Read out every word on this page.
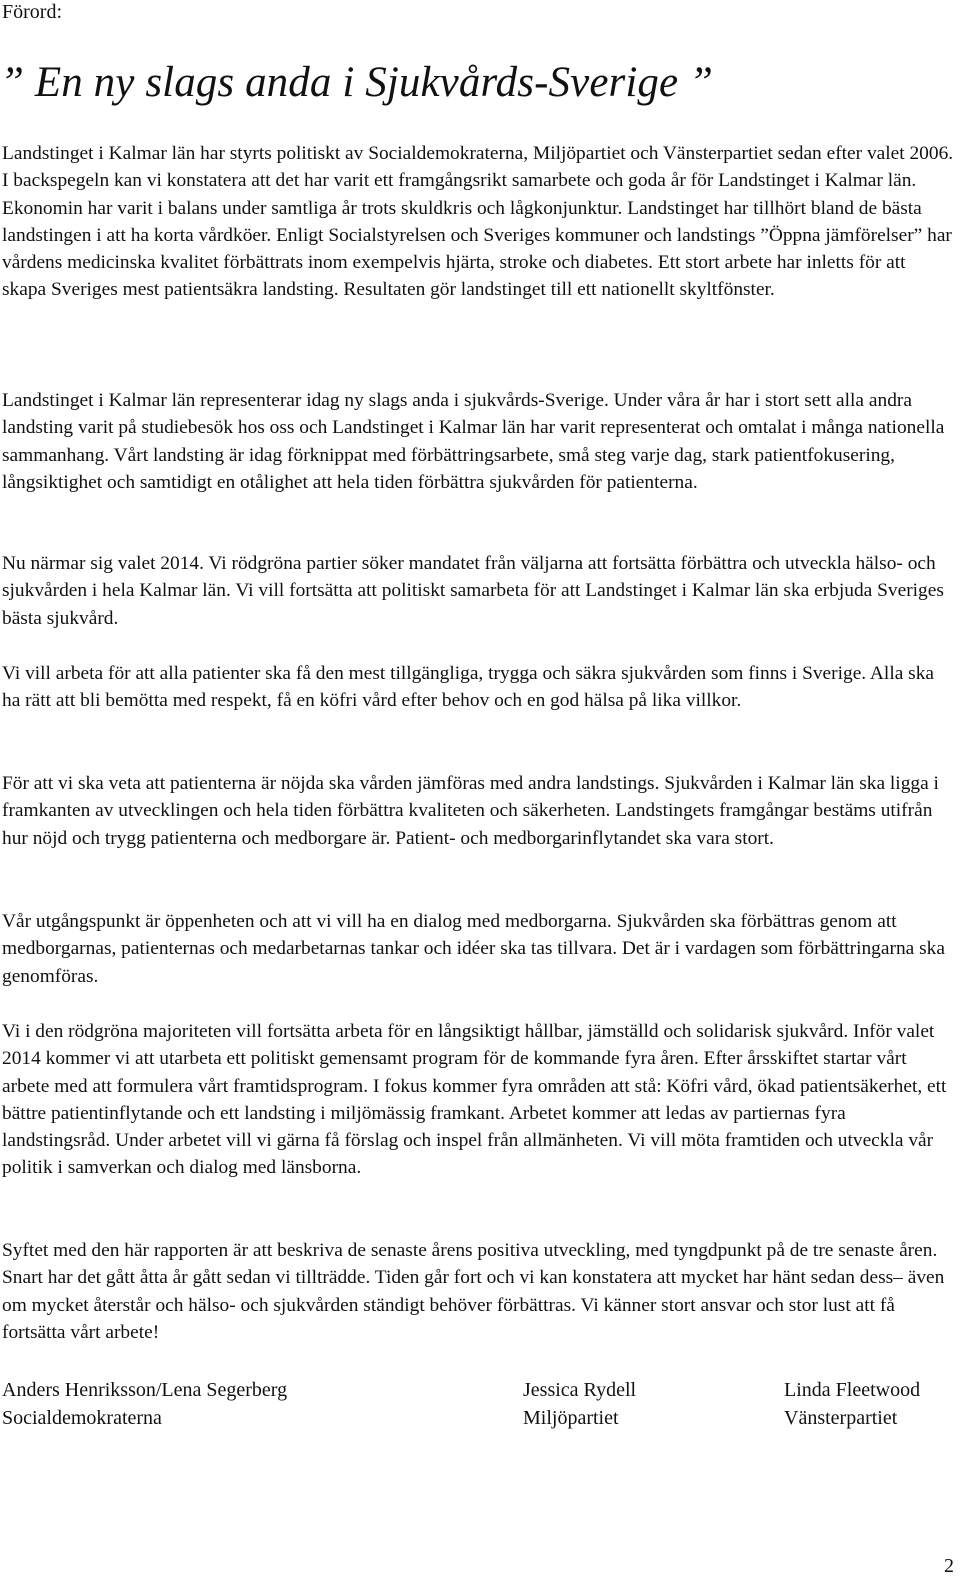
Förord:
” En ny slags anda i Sjukvårds-Sverige ”

Landstinget i Kalmar län har styrts politiskt av Socialdemokraterna, Miljöpartiet och Vänsterpartiet sedan efter valet 2006. I backspegeln kan vi konstatera att det har varit ett framgångsrikt samarbete och goda år för Landstinget i Kalmar län. Ekonomin har varit i balans under samtliga år trots skuldkris och lågkonjunktur. Landstinget har tillhört bland de bästa landstingen i att ha korta vårdköer. Enligt Socialstyrelsen och Sveriges kommuner och landstings ”Öppna jämförelser” har vårdens medicinska kvalitet förbättrats inom exempelvis hjärta, stroke och diabetes. Ett stort arbete har inletts för att skapa Sveriges mest patientsäkra landsting. Resultaten gör landstinget till ett nationellt skyltfönster.

Landstinget i Kalmar län representerar idag ny slags anda i sjukvårds-Sverige. Under våra år har i stort sett alla andra landsting varit på studiebesök hos oss och Landstinget i Kalmar län har varit representerat och omtalat i många nationella sammanhang. Vårt landsting är idag förknippat med förbättringsarbete, små steg varje dag, stark patientfokusering, långsiktighet och samtidigt en otålighet att hela tiden förbättra sjukvården för patienterna.

Nu närmar sig valet 2014. Vi rödgröna partier söker mandatet från väljarna att fortsätta förbättra och utveckla hälso- och sjukvården i hela Kalmar län. Vi vill fortsätta att politiskt samarbeta för att Landstinget i Kalmar län ska erbjuda Sveriges bästa sjukvård.

Vi vill arbeta för att alla patienter ska få den mest tillgängliga, trygga och säkra sjukvården som finns i Sverige. Alla ska ha rätt att bli bemötta med respekt, få en köfri vård efter behov och en god hälsa på lika villkor.

För att vi ska veta att patienterna är nöjda ska vården jämföras med andra landstings. Sjukvården i Kalmar län ska ligga i framkanten av utvecklingen och hela tiden förbättra kvaliteten och säkerheten. Landstingets framgångar bestäms utifrån hur nöjd och trygg patienterna och medborgare är. Patient- och medborgarinflytandet ska vara stort.

Vår utgångspunkt är öppenheten och att vi vill ha en dialog med medborgarna. Sjukvården ska förbättras genom att medborgarnas, patienternas och medarbetarnas tankar och idéer ska tas tillvara. Det är i vardagen som förbättringarna ska genomföras.

Vi i den rödgröna majoriteten vill fortsätta arbeta för en långsiktigt hållbar, jämställd och solidarisk sjukvård. Inför valet 2014 kommer vi att utarbeta ett politiskt gemensamt program för de kommande fyra åren. Efter årsskiftet startar vårt arbete med att formulera vårt framtidsprogram. I fokus kommer fyra områden att stå: Köfri vård, ökad patientsäkerhet, ett bättre patientinflytande och ett landsting i miljömässig framkant. Arbetet kommer att ledas av partiernas fyra landstingsråd. Under arbetet vill vi gärna få förslag och inspel från allmänheten. Vi vill möta framtiden och utveckla vår politik i samverkan och dialog med länsborna.

Syftet med den här rapporten är att beskriva de senaste årens positiva utveckling, med tyngdpunkt på de tre senaste åren. Snart har det gått åtta år gått sedan vi tillträdde. Tiden går fort och vi kan konstatera att mycket har hänt sedan dess– även om mycket återstår och hälso- och sjukvården ständigt behöver förbättras. Vi känner stort ansvar och stor lust att få fortsätta vårt arbete!

Anders Henriksson/Lena Segerberg
Socialdemokraterna
Jessica Rydell
Miljöpartiet
Linda Fleetwood
Vänsterpartiet
2
